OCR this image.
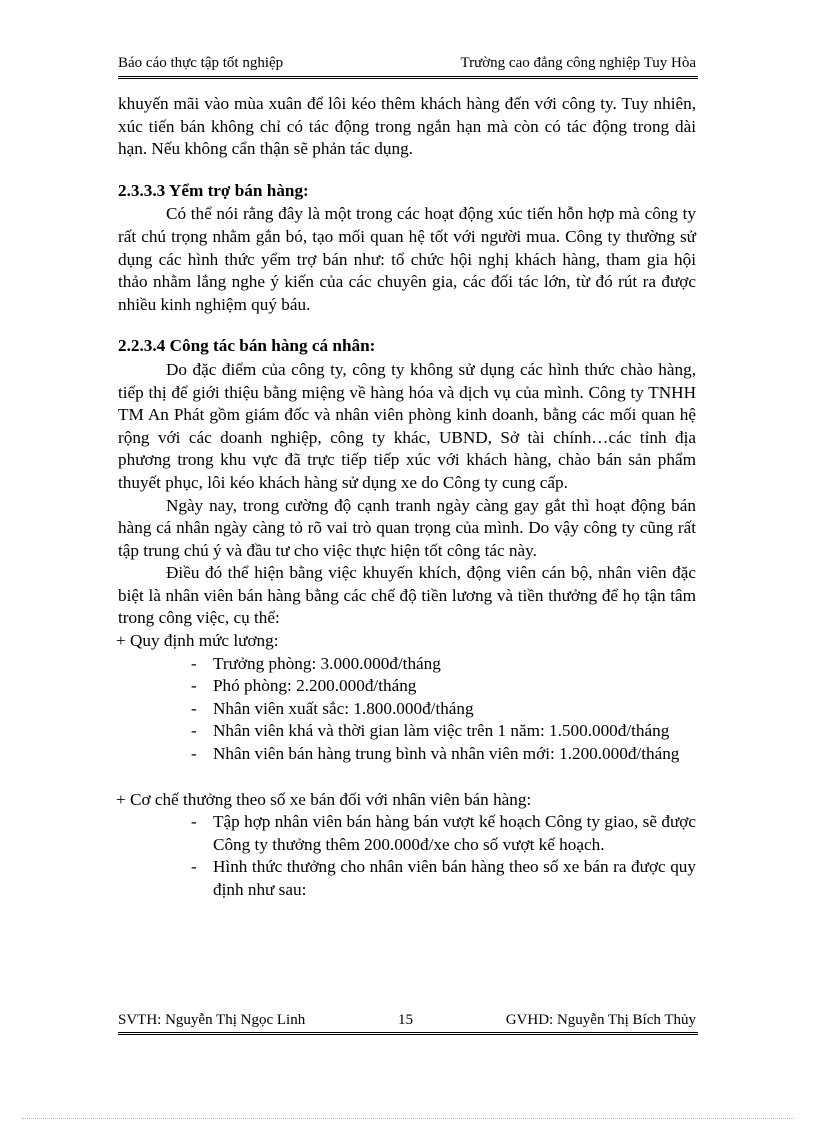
Báo cáo thực tập tốt nghiệp	Trường cao đẳng công nghiệp Tuy Hòa

khuyến mãi vào mùa xuân để lôi kéo thêm khách hàng đến với công ty. Tuy nhiên, xúc tiến bán không chỉ có tác động trong ngắn hạn mà còn có tác động trong dài hạn. Nếu không cẩn thận sẽ phản tác dụng.

2.3.3.3 Yểm trợ bán hàng:

Có thể nói rằng đây là một trong các hoạt động xúc tiến hỗn hợp mà công ty rất chú trọng nhằm gắn bó, tạo mối quan hệ tốt với người mua. Công ty thường sử dụng các hình thức yểm trợ bán như: tổ chức hội nghị khách hàng, tham gia hội thảo nhằm lắng nghe ý kiến của các chuyên gia, các đối tác lớn, từ đó rút ra được nhiều kinh nghiệm quý báu.

2.2.3.4 Công tác bán hàng cá nhân:

Do đặc điểm của công ty, công ty không sử dụng các hình thức chào hàng, tiếp thị để giới thiệu bằng miệng về hàng hóa và dịch vụ của mình. Công ty TNHH TM An Phát gồm giám đốc và nhân viên phòng kinh doanh, bằng các mối quan hệ rộng với các doanh nghiệp, công ty khác, UBND, Sở tài chính…các tỉnh địa phương trong khu vực đã trực tiếp tiếp xúc với khách hàng, chào bán sản phẩm thuyết phục, lôi kéo khách hàng sử dụng xe do Công ty cung cấp.

Ngày nay, trong cường độ cạnh tranh ngày càng gay gắt thì hoạt động bán hàng cá nhân ngày càng tỏ rõ vai trò quan trọng của mình. Do vậy công ty cũng rất tập trung chú ý và đầu tư cho việc thực hiện tốt công tác này.

Điều đó thể hiện bằng việc khuyến khích, động viên cán bộ, nhân viên đặc biệt là nhân viên bán hàng bằng các chế độ tiền lương và tiền thưởng để họ tận tâm trong công việc, cụ thể:

+ Quy định mức lương:

- Trưởng phòng: 3.000.000đ/tháng
- Phó phòng: 2.200.000đ/tháng
- Nhân viên xuất sắc: 1.800.000đ/tháng
- Nhân viên khá và thời gian làm việc trên 1 năm: 1.500.000đ/tháng
- Nhân viên bán hàng trung bình và nhân viên mới: 1.200.000đ/tháng

+ Cơ chế thưởng theo số xe bán đối với nhân viên bán hàng:

- Tập hợp nhân viên bán hàng bán vượt kế hoạch Công ty giao, sẽ được Công ty thưởng thêm 200.000đ/xe cho số vượt kế hoạch.
- Hình thức thưởng cho nhân viên bán hàng theo số xe bán ra được quy định như sau:
SVTH: Nguyễn Thị Ngọc Linh	15	GVHD: Nguyễn Thị Bích Thủy
